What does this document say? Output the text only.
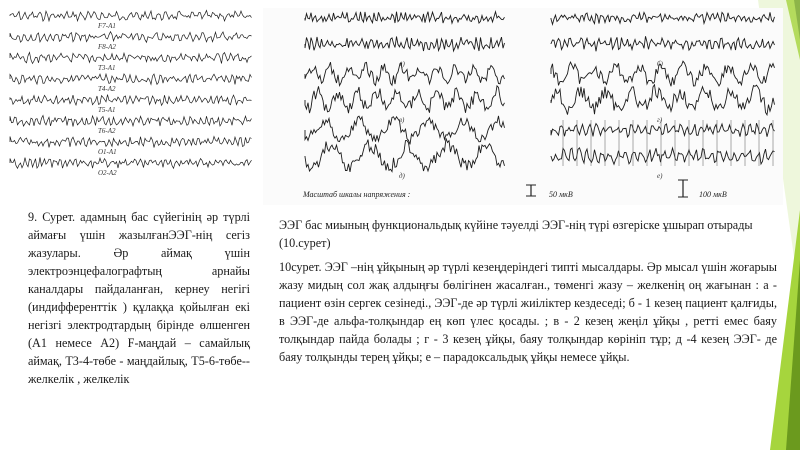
F7-A1
F8-A2
T3-A1
T4-A2
T5-A1
T6-A2
O1-A1
O2-A2
а)	б)
в)	г)
д)	е)
Масштаб шкалы напряжения :	50 мкВ	100 мкВ
9. Сурет. адамның бас сүйегінің әр түрлі аймағы үшін жазылғанЭЭГ-нің сегіз жазулары. Әр аймақ үшін электроэнцефалографтың арнайы каналдары пайдаланған, кернеу негігі (индифференттік ) құлаққа қойылған екі негізгі электродтардың бірінде өлшенген (A1 немесе A2) F-маңдай – самайлық аймақ, T3-4-төбе - маңдайлық, T5-6-төбе-- желкелік , желкелік
ЭЭГ бас миының функциональдық күйіне тәуелді ЭЭГ-нің түрі өзгеріске ұшырап отырады (10.сурет)

10сурет. ЭЭГ –нің ұйқының әр түрлі кезеңдеріндегі типті мысалдары. Әр мысал үшін жоғарыы жазу мидың сол жақ алдыңғы бөлігінен жасалған., төменгі жазу – желкенің оң жағынан : а - пациент өзін сергек сезінеді., ЭЭГ-де әр түрлі жиіліктер кездеседі; б - 1 кезең пациент қалғиды, в ЭЭГ-де альфа-толқындар ең көп үлес қосады. ; в - 2 кезең жеңіл ұйқы , ретті емес баяу толқындар пайда болады ; г - 3 кезең ұйқы, баяу толқындар көрініп тұр; д -4 кезең ЭЭГ- де баяу толқынды терең ұйқы; е – парадоксальдық ұйқы немесе ұйқы.
